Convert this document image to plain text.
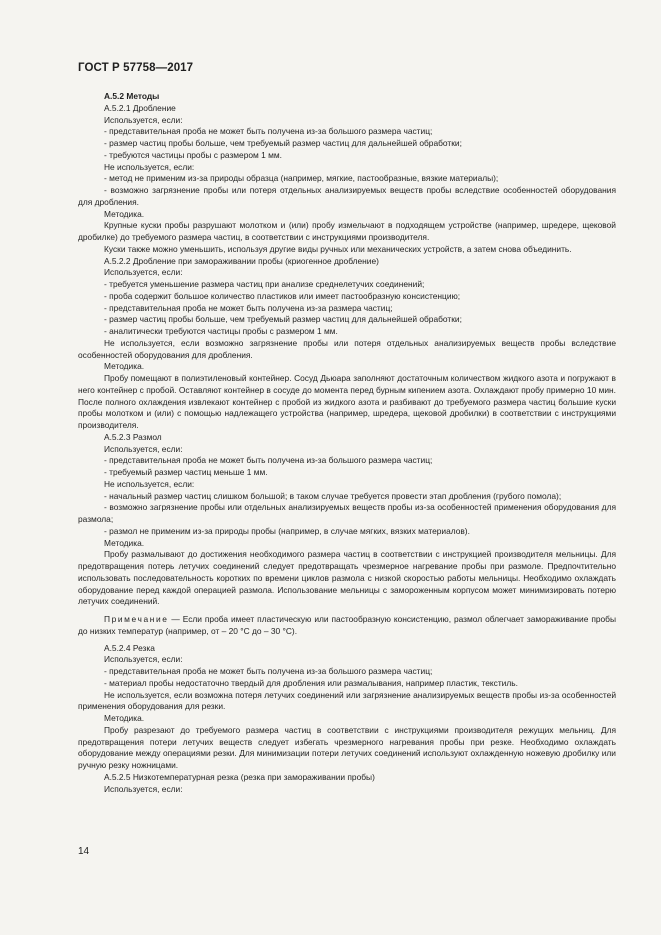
ГОСТ Р 57758—2017

А.5.2 Методы

А.5.2.1 Дробление

Используется, если:

- представительная проба не может быть получена из-за большого размера частиц;

- размер частиц пробы больше, чем требуемый размер частиц для дальнейшей обработки;

- требуются частицы пробы с размером 1 мм.

Не используется, если:

- метод не применим из-за природы образца (например, мягкие, пастообразные, вязкие материалы);

- возможно загрязнение пробы или потеря отдельных анализируемых веществ пробы вследствие особенностей оборудования для дробления.

Методика.

Крупные куски пробы разрушают молотком и (или) пробу измельчают в подходящем устройстве (например, шредере, щековой дробилке) до требуемого размера частиц, в соответствии с инструкциями производителя.

Куски также можно уменьшить, используя другие виды ручных или механических устройств, а затем снова объединить.

А.5.2.2 Дробление при замораживании пробы (криогенное дробление)

Используется, если:

- требуется уменьшение размера частиц при анализе среднелетучих соединений;

- проба содержит большое количество пластиков или имеет пастообразную консистенцию;

- представительная проба не может быть получена из-за размера частиц;

- размер частиц пробы больше, чем требуемый размер частиц для дальнейшей обработки;

- аналитически требуются частицы пробы с размером 1 мм.

Не используется, если возможно загрязнение пробы или потеря отдельных анализируемых веществ пробы вследствие особенностей оборудования для дробления.

Методика.

Пробу помещают в полиэтиленовый контейнер. Сосуд Дьюара заполняют достаточным количеством жидкого азота и погружают в него контейнер с пробой. Оставляют контейнер в сосуде до момента перед бурным кипением азота. Охлаждают пробу примерно 10 мин. После полного охлаждения извлекают контейнер с пробой из жидкого азота и разбивают до требуемого размера частиц большие куски пробы молотком и (или) с помощью надлежащего устройства (например, шредера, щековой дробилки) в соответствии с инструкциями производителя.

А.5.2.3 Размол

Используется, если:

- представительная проба не может быть получена из-за большого размера частиц;

- требуемый размер частиц меньше 1 мм.

Не используется, если:

- начальный размер частиц слишком большой; в таком случае требуется провести этап дробления (грубого помола);

- возможно загрязнение пробы или отдельных анализируемых веществ пробы из-за особенностей применения оборудования для размола;

- размол не применим из-за природы пробы (например, в случае мягких, вязких материалов).

Методика.

Пробу размалывают до достижения необходимого размера частиц в соответствии с инструкцией производителя мельницы. Для предотвращения потерь летучих соединений следует предотвращать чрезмерное нагревание пробы при размоле. Предпочтительно использовать последовательность коротких по времени циклов размола с низкой скоростью работы мельницы. Необходимо охлаждать оборудование перед каждой операцией размола. Использование мельницы с замороженным корпусом может минимизировать потерю летучих соединений.

Примечание — Если проба имеет пластическую или пастообразную консистенцию, размол облегчает замораживание пробы до низких температур (например, от – 20 °С до – 30 °С).

А.5.2.4 Резка

Используется, если:

- представительная проба не может быть получена из-за большого размера частиц;

- материал пробы недостаточно твердый для дробления или размалывания, например пластик, текстиль.

Не используется, если возможна потеря летучих соединений или загрязнение анализируемых веществ пробы из-за особенностей применения оборудования для резки.

Методика.

Пробу разрезают до требуемого размера частиц в соответствии с инструкциями производителя режущих мельниц. Для предотвращения потери летучих веществ следует избегать чрезмерного нагревания пробы при резке. Необходимо охлаждать оборудование между операциями резки. Для минимизации потери летучих соединений используют охлажденную ножевую дробилку или ручную резку ножницами.

А.5.2.5 Низкотемпературная резка (резка при замораживании пробы)

Используется, если:

14
